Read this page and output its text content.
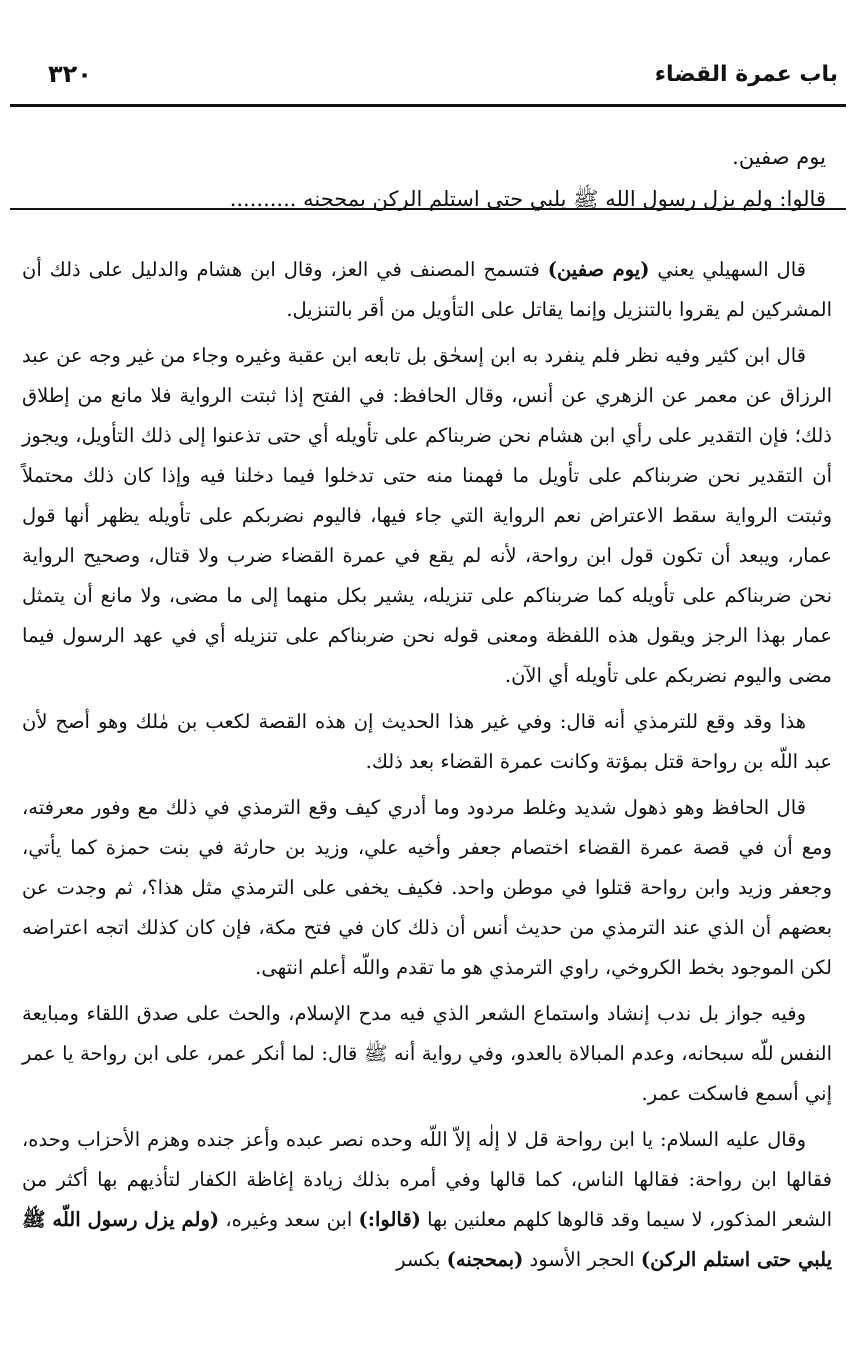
باب عمرة القضاء
٣٢٠

يوم صفين.

قالوا: ولم يزل رسول الله ﷺ يلبي حتى استلم الركن بمحجنه ..........

قال السهيلي يعني (يوم صفين) فتسمح المصنف في العز، وقال ابن هشام والدليل على ذلك أن المشركين لم يقروا بالتنزيل وإنما يقاتل على التأويل من أقر بالتنزيل.

قال ابن كثير وفيه نظر فلم ينفرد به ابن إسحٰق بل تابعه ابن عقبة وغيره وجاء من غير وجه عن عبد الرزاق عن معمر عن الزهري عن أنس، وقال الحافظ: في الفتح إذا ثبتت الرواية فلا مانع من إطلاق ذلك؛ فإن التقدير على رأي ابن هشام نحن ضربناكم على تأويله أي حتى تذعنوا إلى ذلك التأويل، ويجوز أن التقدير نحن ضربناكم على تأويل ما فهمنا منه حتى تدخلوا فيما دخلنا فيه وإذا كان ذلك محتملاً وثبتت الرواية سقط الاعتراض نعم الرواية التي جاء فيها، فاليوم نضربكم على تأويله يظهر أنها قول عمار، ويبعد أن تكون قول ابن رواحة، لأنه لم يقع في عمرة القضاء ضرب ولا قتال، وصحيح الرواية نحن ضربناكم على تأويله كما ضربناكم على تنزيله، يشير بكل منهما إلى ما مضى، ولا مانع أن يتمثل عمار بهذا الرجز ويقول هذه اللفظة ومعنى قوله نحن ضربناكم على تنزيله أي في عهد الرسول فيما مضى واليوم نضربكم على تأويله أي الآن.

هذا وقد وقع للترمذي أنه قال: وفي غير هذا الحديث إن هذه القصة لكعب بن مٰلك وهو أصح لأن عبد اللّه بن رواحة قتل بمؤتة وكانت عمرة القضاء بعد ذلك.

قال الحافظ وهو ذهول شديد وغلط مردود وما أدري كيف وقع الترمذي في ذلك مع وفور معرفته، ومع أن في قصة عمرة القضاء اختصام جعفر وأخيه علي، وزيد بن حارثة في بنت حمزة كما يأتي، وجعفر وزيد وابن رواحة قتلوا في موطن واحد. فكيف يخفى على الترمذي مثل هذا؟، ثم وجدت عن بعضهم أن الذي عند الترمذي من حديث أنس أن ذلك كان في فتح مكة، فإن كان كذلك اتجه اعتراضه لكن الموجود بخط الكروخي، راوي الترمذي هو ما تقدم واللّه أعلم انتهى.

وفيه جواز بل ندب إنشاد واستماع الشعر الذي فيه مدح الإسلام، والحث على صدق اللقاء ومبايعة النفس للّه سبحانه، وعدم المبالاة بالعدو، وفي رواية أنه ﷺ قال: لما أنكر عمر، على ابن رواحة يا عمر إني أسمع فاسكت عمر.

وقال عليه السلام: يا ابن رواحة قل لا إلٰه إلاّ اللّه وحده نصر عبده وأعز جنده وهزم الأحزاب وحده، فقالها ابن رواحة: فقالها الناس، كما قالها وفي أمره بذلك زيادة إغاظة الكفار لتأذيهم بها أكثر من الشعر المذكور، لا سيما وقد قالوها كلهم معلنين بها (قالوا:) ابن سعد وغيره، (ولم يزل رسول اللّه ﷺ يلبي حتى استلم الركن) الحجر الأسود (بمحجنه) بكسر
